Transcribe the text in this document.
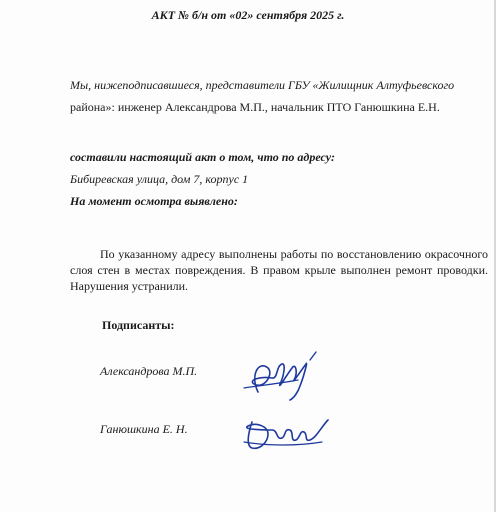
АКТ № б/н от «02» сентября 2025 г.
Мы, нижеподписавшиеся, представители ГБУ «Жилищник Алтуфьевского
района»: инженер Александрова М.П., начальник ПТО Ганюшкина Е.Н.
составили настоящий акт о том, что по адресу:
Бибиревская улица, дом 7, корпус 1
На момент осмотра выявлено:
По указанному адресу выполнены работы по восстановлению окрасочного слоя стен в местах повреждения. В правом крыле выполнен ремонт проводки. Нарушения устранили.
Подписанты:
Александрова М.П.
Ганюшкина Е. Н.
